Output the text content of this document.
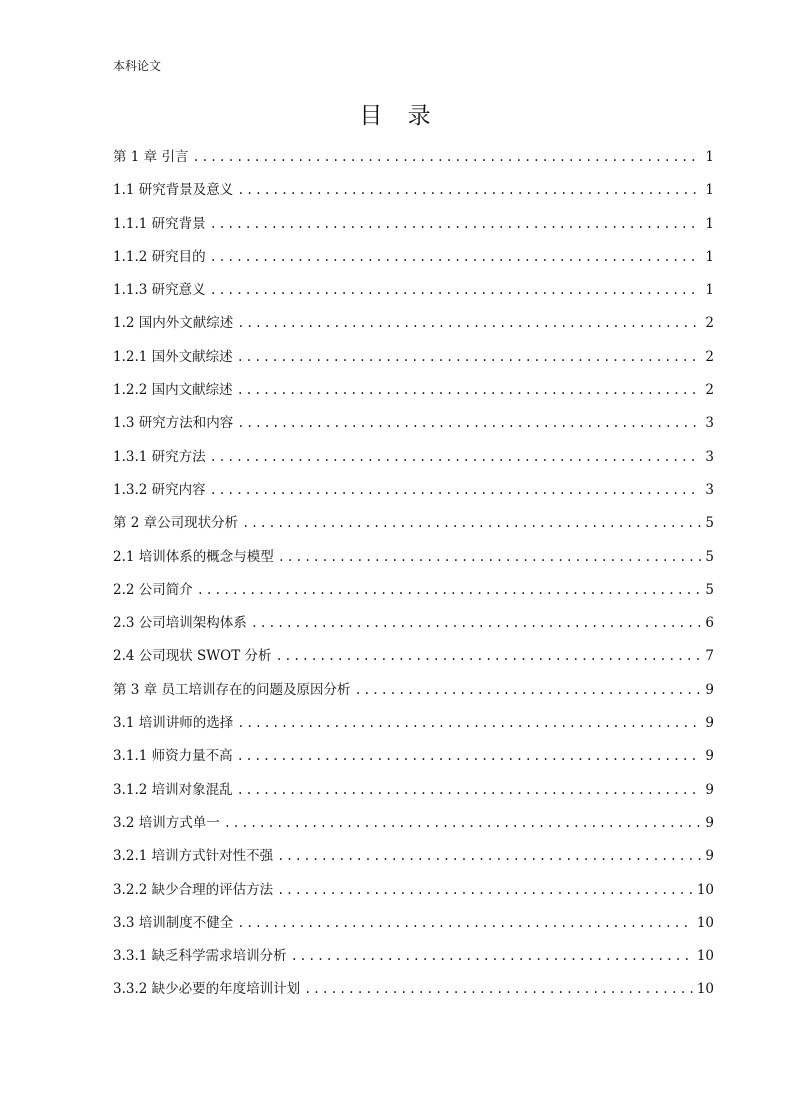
本科论文
目录
第 1 章 引言 .....	1
1.1 研究背景及意义 .....	1
1.1.1 研究背景 .....	1
1.1.2 研究目的 .....	1
1.1.3 研究意义 .....	1
1.2 国内外文献综述 .....	2
1.2.1 国外文献综述 .....	2
1.2.2 国内文献综述 .....	2
1.3 研究方法和内容 .....	3
1.3.1 研究方法 .....	3
1.3.2 研究内容 .....	3
第 2 章公司现状分析 .....	5
2.1 培训体系的概念与模型 .....	5
2.2 公司简介 .....	5
2.3 公司培训架构体系 .....	6
2.4 公司现状 SWOT 分析 .....	7
第 3 章 员工培训存在的问题及原因分析 .....	9
3.1 培训讲师的选择 .....	9
3.1.1 师资力量不高 .....	9
3.1.2 培训对象混乱 .....	9
3.2 培训方式单一 .....	9
3.2.1 培训方式针对性不强 .....	9
3.2.2 缺少合理的评估方法 .....	10
3.3 培训制度不健全 .....	10
3.3.1 缺乏科学需求培训分析 .....	10
3.3.2 缺少必要的年度培训计划 .....	10
